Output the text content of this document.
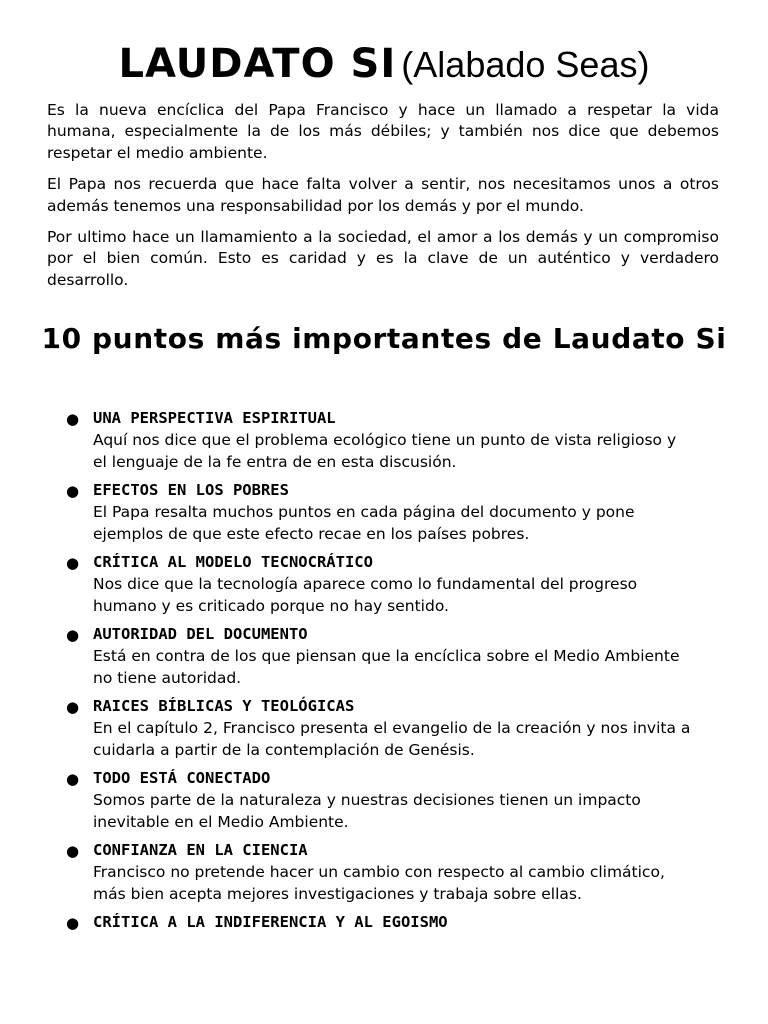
LAUDATO SI (Alabado Seas)

Es la nueva encíclica del Papa Francisco y hace un llamado a respetar la vida humana, especialmente la de los más débiles; y también nos dice que debemos respetar el medio ambiente.

El Papa nos recuerda que hace falta volver a sentir, nos necesitamos unos a otros además tenemos una responsabilidad por los demás y por el mundo.

Por ultimo hace un llamamiento a la sociedad, el amor a los demás y un compromiso por el bien común. Esto es caridad y es la clave de un auténtico y verdadero desarrollo.

10 puntos más importantes de Laudato Si
● UNA PERSPECTIVA ESPIRITUAL
Aquí nos dice que el problema ecológico tiene un punto de vista religioso y el lenguaje de la fe entra de en esta discusión.
● EFECTOS EN LOS POBRES
El Papa resalta muchos puntos en cada página del documento y pone ejemplos de que este efecto recae en los países pobres.
● CRÍTICA AL MODELO TECNOCRÁTICO
Nos dice que la tecnología aparece como lo fundamental del progreso humano y es criticado porque no hay sentido.
● AUTORIDAD DEL DOCUMENTO
Está en contra de los que piensan que la encíclica sobre el Medio Ambiente no tiene autoridad.
● RAICES BÍBLICAS Y TEOLÓGICAS
En el capítulo 2, Francisco presenta el evangelio de la creación y nos invita a cuidarla a partir de la contemplación de Genésis.
● TODO ESTÁ CONECTADO
Somos parte de la naturaleza y nuestras decisiones tienen un impacto inevitable en el Medio Ambiente.
● CONFIANZA EN LA CIENCIA
Francisco no pretende hacer un cambio con respecto al cambio climático, más bien acepta mejores investigaciones y trabaja sobre ellas.
● CRÍTICA A LA INDIFERENCIA Y AL EGOISMO
